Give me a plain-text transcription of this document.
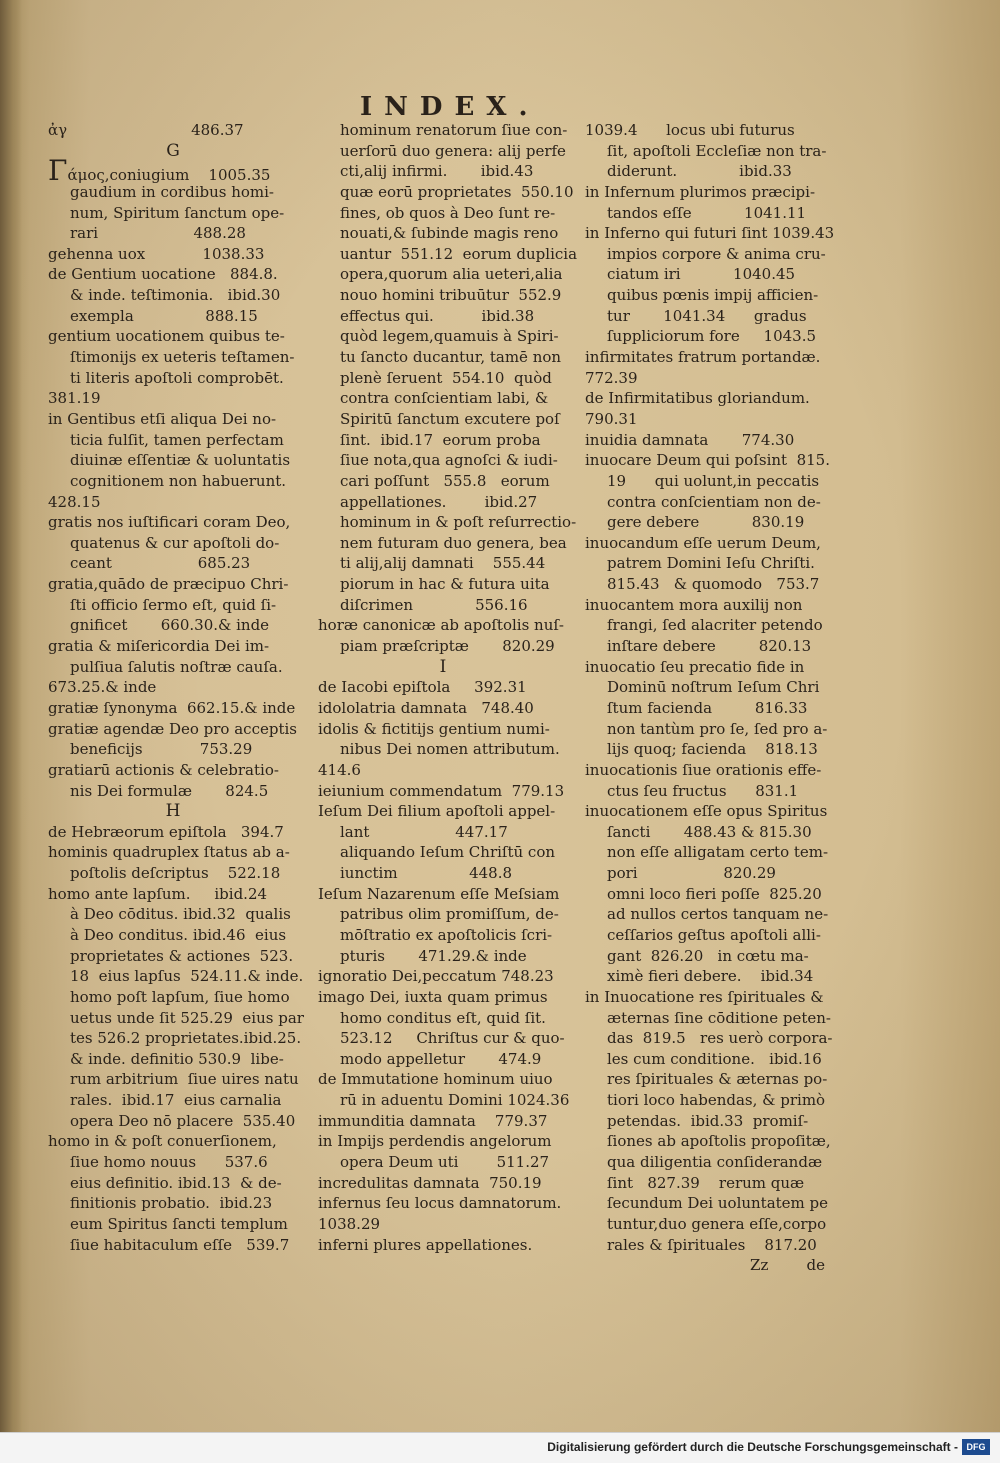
INDEX.
ἀγ                          486.37
G
Γάμος,coniugium    1005.35
gaudium in cordibus homi-
num, Spiritum ſanctum ope-
rari                    488.28
gehenna uox            1038.33
de Gentium uocatione   884.8.
& inde. teſtimonia.   ibid.30
exempla               888.15
gentium uocationem quibus te-
ſtimonijs ex ueteris teſtamen-
ti literis apoſtoli comprobēt.
381.19
in Gentibus etſi aliqua Dei no-
ticia fulſit, tamen perfectam
diuinæ eſſentiæ & uoluntatis
cognitionem non habuerunt.
428.15
gratis nos iuſtificari coram Deo,
quatenus & cur apoſtoli do-
ceant                  685.23
gratia,quādo de præcipuo Chri-
ſti officio ſermo eſt, quid ſi-
gnificet       660.30.& inde
gratia & miſericordia Dei im-
pulſiua ſalutis noſtræ cauſa.
673.25.& inde
gratiæ ſynonyma  662.15.& inde
gratiæ agendæ Deo pro acceptis
beneficijs            753.29
gratiarū actionis & celebratio-
nis Dei formulæ       824.5
H
de Hebræorum epiſtola   394.7
hominis quadruplex ſtatus ab a-
poſtolis deſcriptus    522.18
homo ante lapſum.     ibid.24
à Deo cōditus. ibid.32  qualis
à Deo conditus. ibid.46  eius
proprietates & actiones  523.
18  eius lapſus  524.11.& inde.
homo poſt lapſum, ſiue homo
uetus unde ſit 525.29  eius par
tes 526.2 proprietates.ibid.25.
& inde. definitio 530.9  libe-
rum arbitrium  ſiue uires natu
rales.  ibid.17  eius carnalia
opera Deo nō placere  535.40
homo in & poſt conuerſionem,
ſiue homo nouus      537.6
eius definitio. ibid.13  & de-
finitionis probatio.  ibid.23
eum Spiritus ſancti templum
ſiue habitaculum eſſe   539.7
hominum renatorum ſiue con-
uerſorū duo genera: alij perfe
cti,alij infirmi.       ibid.43
quæ eorū proprietates  550.10
fines, ob quos à Deo ſunt re-
nouati,& ſubinde magis reno
uantur  551.12  eorum duplicia
opera,quorum alia ueteri,alia
nouo homini tribuūtur  552.9
effectus qui.          ibid.38
quòd legem,quamuis à Spiri-
tu ſancto ducantur, tamē non
plenè ſeruent  554.10  quòd
contra conſcientiam labi, &
Spiritū ſanctum excutere poſ
ſint.  ibid.17  eorum proba
ſiue nota,qua agnoſci & iudi-
cari poſſunt   555.8   eorum
appellationes.        ibid.27
hominum in & poſt reſurrectio-
nem futuram duo genera, bea
ti alij,alij damnati    555.44
piorum in hac & futura uita
diſcrimen             556.16
horæ canonicæ ab apoſtolis nuſ-
piam præſcriptæ       820.29
I
de Iacobi epiſtola     392.31
idololatria damnata   748.40
idolis & fictitijs gentium numi-
nibus Dei nomen attributum.
414.6
ieiunium commendatum  779.13
Ieſum Dei filium apoſtoli appel-
lant                  447.17
aliquando Ieſum Chriſtū con
iunctim               448.8
Ieſum Nazarenum eſſe Meſsiam
patribus olim promiſſum, de-
mōſtratio ex apoſtolicis ſcri-
pturis       471.29.& inde
ignoratio Dei,peccatum 748.23
imago Dei, iuxta quam primus
homo conditus eſt, quid ſit.
523.12     Chriſtus cur & quo-
modo appelletur       474.9
de Immutatione hominum uiuo
rū in aduentu Domini 1024.36
immunditia damnata    779.37
in Impijs perdendis angelorum
opera Deum uti        511.27
incredulitas damnata  750.19
infernus ſeu locus damnatorum.
1038.29
inferni plures appellationes.
1039.4      locus ubi futurus
ſit, apoſtoli Eccleſiæ non tra-
diderunt.             ibid.33
in Infernum plurimos præcipi-
tandos eſſe           1041.11
in Inferno qui futuri ſint 1039.43
impios corpore & anima cru-
ciatum iri           1040.45
quibus pœnis impij afficien-
tur       1041.34      gradus
ſuppliciorum fore     1043.5
infirmitates fratrum portandæ.
772.39
de Infirmitatibus gloriandum.
790.31
inuidia damnata       774.30
inuocare Deum qui poſsint  815.
19      qui uolunt,in peccatis
contra conſcientiam non de-
gere debere           830.19
inuocandum eſſe uerum Deum,
patrem Domini Ieſu Chriſti.
815.43   & quomodo   753.7
inuocantem mora auxilij non
frangi, ſed alacriter petendo
inſtare debere         820.13
inuocatio ſeu precatio fide in
Dominū noſtrum Ieſum Chri
ſtum facienda         816.33
non tantùm pro ſe, ſed pro a-
lijs quoq; facienda    818.13
inuocationis ſiue orationis effe-
ctus ſeu fructus      831.1
inuocationem eſſe opus Spiritus
ſancti       488.43 & 815.30
non eſſe alligatam certo tem-
pori                  820.29
omni loco fieri poſſe  825.20
ad nullos certos tanquam ne-
ceſſarios geſtus apoſtoli alli-
gant  826.20   in cœtu ma-
ximè fieri debere.    ibid.34
in Inuocatione res ſpirituales &
æternas ſine cōditione peten-
das  819.5   res uerò corpora-
les cum conditione.   ibid.16
res ſpirituales & æternas po-
tiori loco habendas, & primò
petendas.  ibid.33  promiſ-
ſiones ab apoſtolis propoſitæ,
qua diligentia conſiderandæ
ſint   827.39    rerum quæ
ſecundum Dei uoluntatem pe
tuntur,duo genera eſſe,corpo
rales & ſpirituales    817.20
Zz        de
Digitalisierung gefördert durch die Deutsche Forschungsgemeinschaft - DFG
